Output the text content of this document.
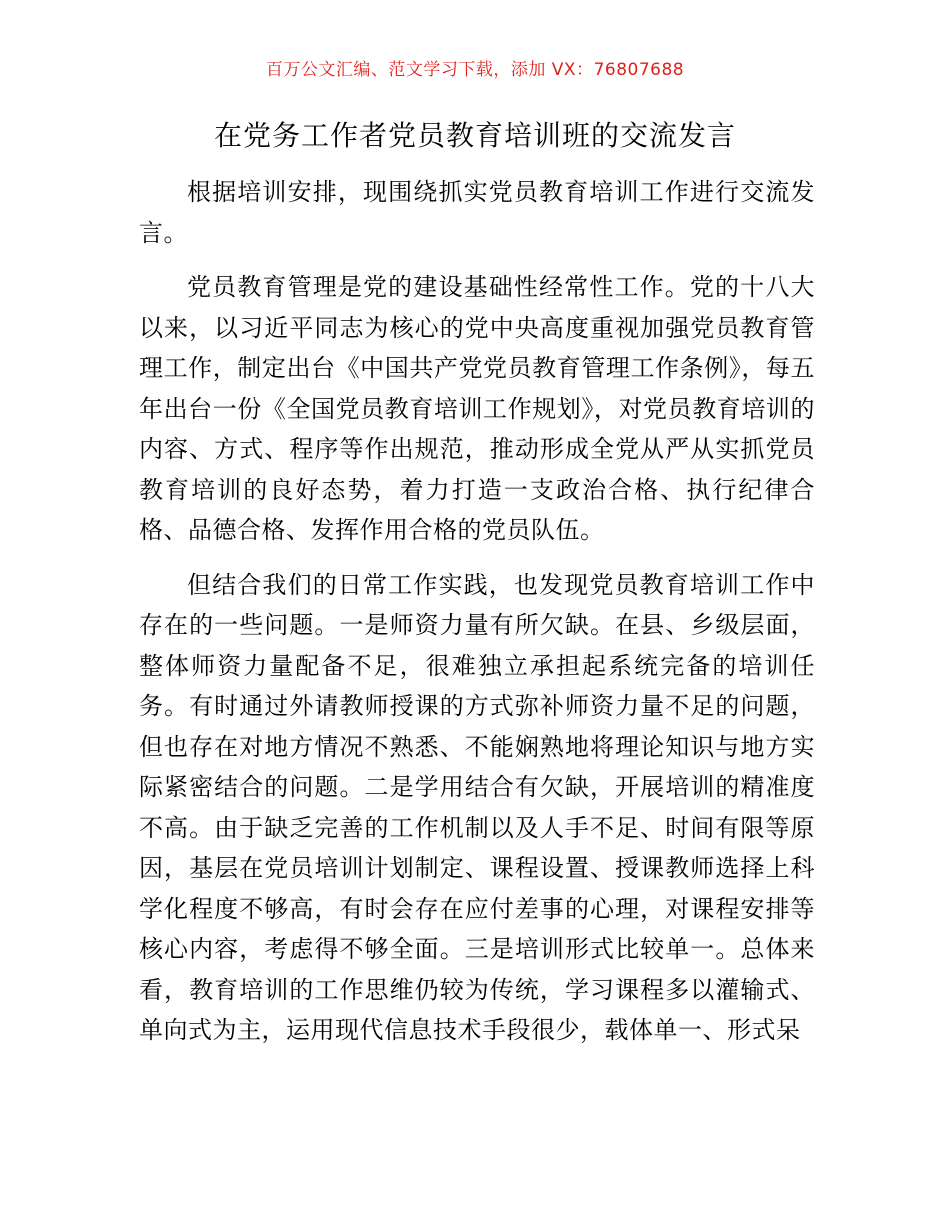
百万公文汇编、范文学习下载，添加 VX：76807688
在党务工作者党员教育培训班的交流发言

根据培训安排，现围绕抓实党员教育培训工作进行交流发言。

党员教育管理是党的建设基础性经常性工作。党的十八大以来，以习近平同志为核心的党中央高度重视加强党员教育管理工作，制定出台《中国共产党党员教育管理工作条例》，每五年出台一份《全国党员教育培训工作规划》，对党员教育培训的内容、方式、程序等作出规范，推动形成全党从严从实抓党员教育培训的良好态势，着力打造一支政治合格、执行纪律合格、品德合格、发挥作用合格的党员队伍。

但结合我们的日常工作实践，也发现党员教育培训工作中存在的一些问题。一是师资力量有所欠缺。在县、乡级层面，整体师资力量配备不足，很难独立承担起系统完备的培训任务。有时通过外请教师授课的方式弥补师资力量不足的问题，但也存在对地方情况不熟悉、不能娴熟地将理论知识与地方实际紧密结合的问题。二是学用结合有欠缺，开展培训的精准度不高。由于缺乏完善的工作机制以及人手不足、时间有限等原因，基层在党员培训计划制定、课程设置、授课教师选择上科学化程度不够高，有时会存在应付差事的心理，对课程安排等核心内容，考虑得不够全面。三是培训形式比较单一。总体来看，教育培训的工作思维仍较为传统，学习课程多以灌输式、单向式为主，运用现代信息技术手段很少，载体单一、形式呆
